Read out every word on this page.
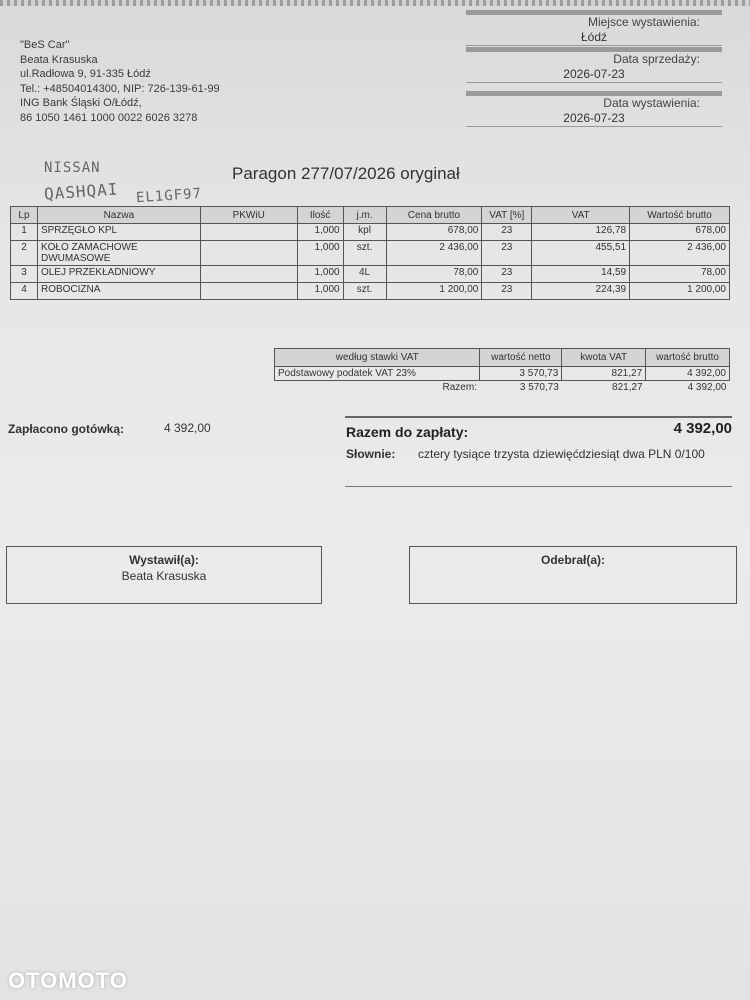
"BeS Car"
Beata Krasuska
ul.Radłowa 9, 91-335 Łódź
Tel.: +48504014300, NIP: 726-139-61-99
ING Bank Śląski O/Łódź,
86 1050 1461 1000 0022 6026 3278
Miejsce wystawienia:
Łódź
Data sprzedaży:
2026-07-23
Data wystawienia:
2026-07-23
NISSAN
QASHQAI EL1GF97
Paragon 277/07/2026 oryginał
Lp	Nazwa	PKWiU	Ilość	j.m.	Cena brutto	VAT [%]	VAT	Wartość brutto
1	SPRZĘGŁO KPL		1,000	kpl	678,00	23	126,78	678,00
2	KOŁO ZAMACHOWE DWUMASOWE		1,000	szt.	2 436,00	23	455,51	2 436,00
3	OLEJ PRZEKŁADNIOWY		1,000	4L	78,00	23	14,59	78,00
4	ROBOCIZNA		1,000	szt.	1 200,00	23	224,39	1 200,00
według stawki VAT	wartość netto	kwota VAT	wartość brutto
Podstawowy podatek VAT 23%	3 570,73	821,27	4 392,00
Razem:	3 570,73	821,27	4 392,00
Zapłacono gotówką:	4 392,00	Razem do zapłaty:	4 392,00
Słownie: cztery tysiące trzysta dziewięćdziesiąt dwa PLN 0/100
Wystawił(a):
Beata Krasuska
Odebrał(a):
OTOMOTO
